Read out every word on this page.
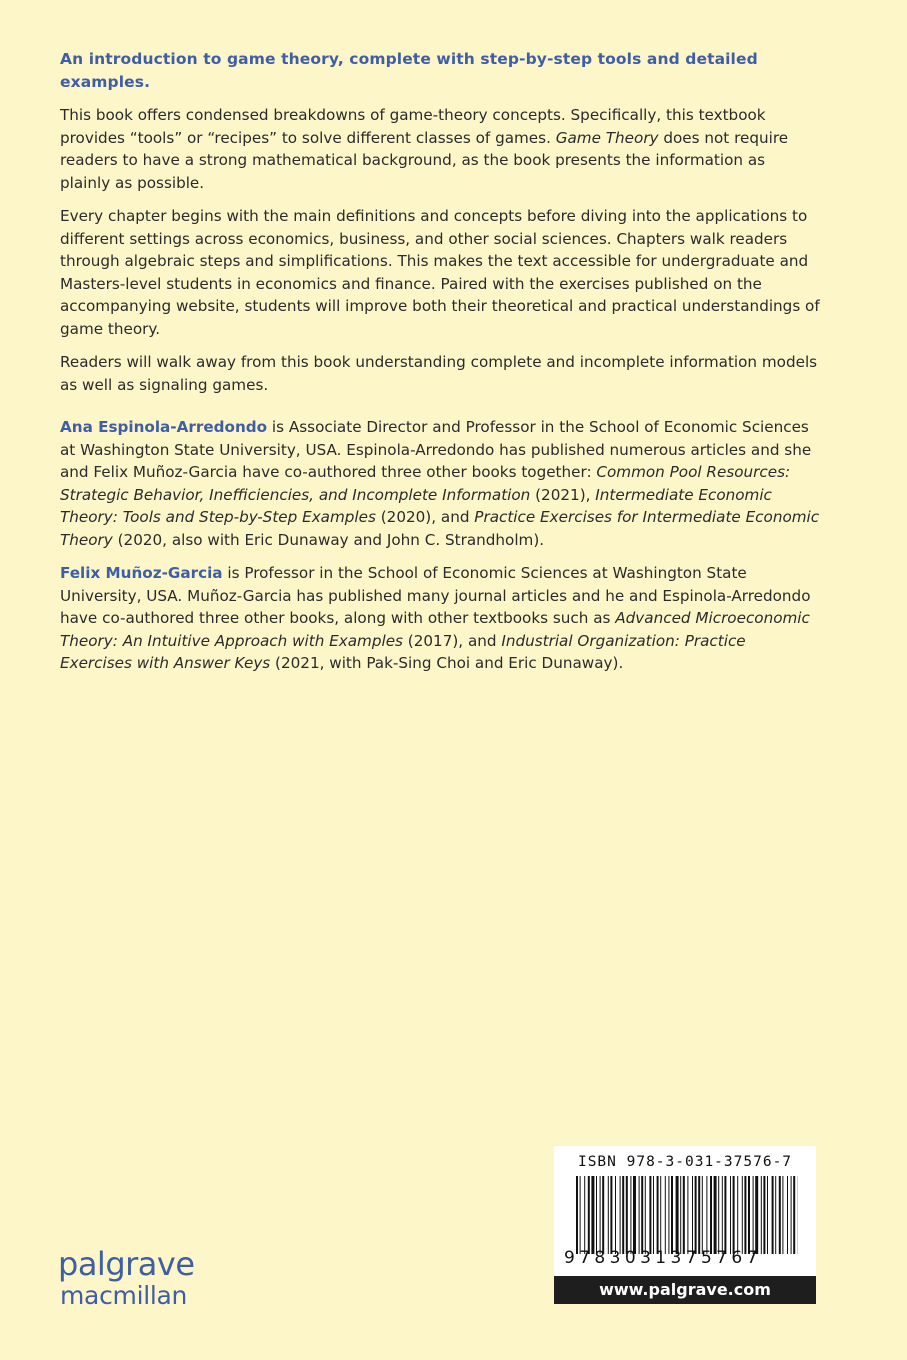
An introduction to game theory, complete with step-by-step tools and detailed examples.

This book offers condensed breakdowns of game-theory concepts. Specifically, this textbook provides “tools” or “recipes” to solve different classes of games. Game Theory does not require readers to have a strong mathematical background, as the book presents the information as plainly as possible.

Every chapter begins with the main definitions and concepts before diving into the applications to different settings across economics, business, and other social sciences. Chapters walk readers through algebraic steps and simplifications. This makes the text accessible for undergraduate and Masters-level students in economics and finance. Paired with the exercises published on the accompanying website, students will improve both their theoretical and practical understandings of game theory.

Readers will walk away from this book understanding complete and incomplete information models as well as signaling games.

Ana Espinola-Arredondo is Associate Director and Professor in the School of Economic Sciences at Washington State University, USA. Espinola-Arredondo has published numerous articles and she and Felix Muñoz-Garcia have co-authored three other books together: Common Pool Resources: Strategic Behavior, Inefficiencies, and Incomplete Information (2021), Intermediate Economic Theory: Tools and Step-by-Step Examples (2020), and Practice Exercises for Intermediate Economic Theory (2020, also with Eric Dunaway and John C. Strandholm).

Felix Muñoz-Garcia is Professor in the School of Economic Sciences at Washington State University, USA. Muñoz-Garcia has published many journal articles and he and Espinola-Arredondo have co-authored three other books, along with other textbooks such as Advanced Microeconomic Theory: An Intuitive Approach with Examples (2017), and Industrial Organization: Practice Exercises with Answer Keys (2021, with Pak-Sing Choi and Eric Dunaway).

palgrave
macmillan
ISBN 978-3-031-37576-7
9783031375767
www.palgrave.com
